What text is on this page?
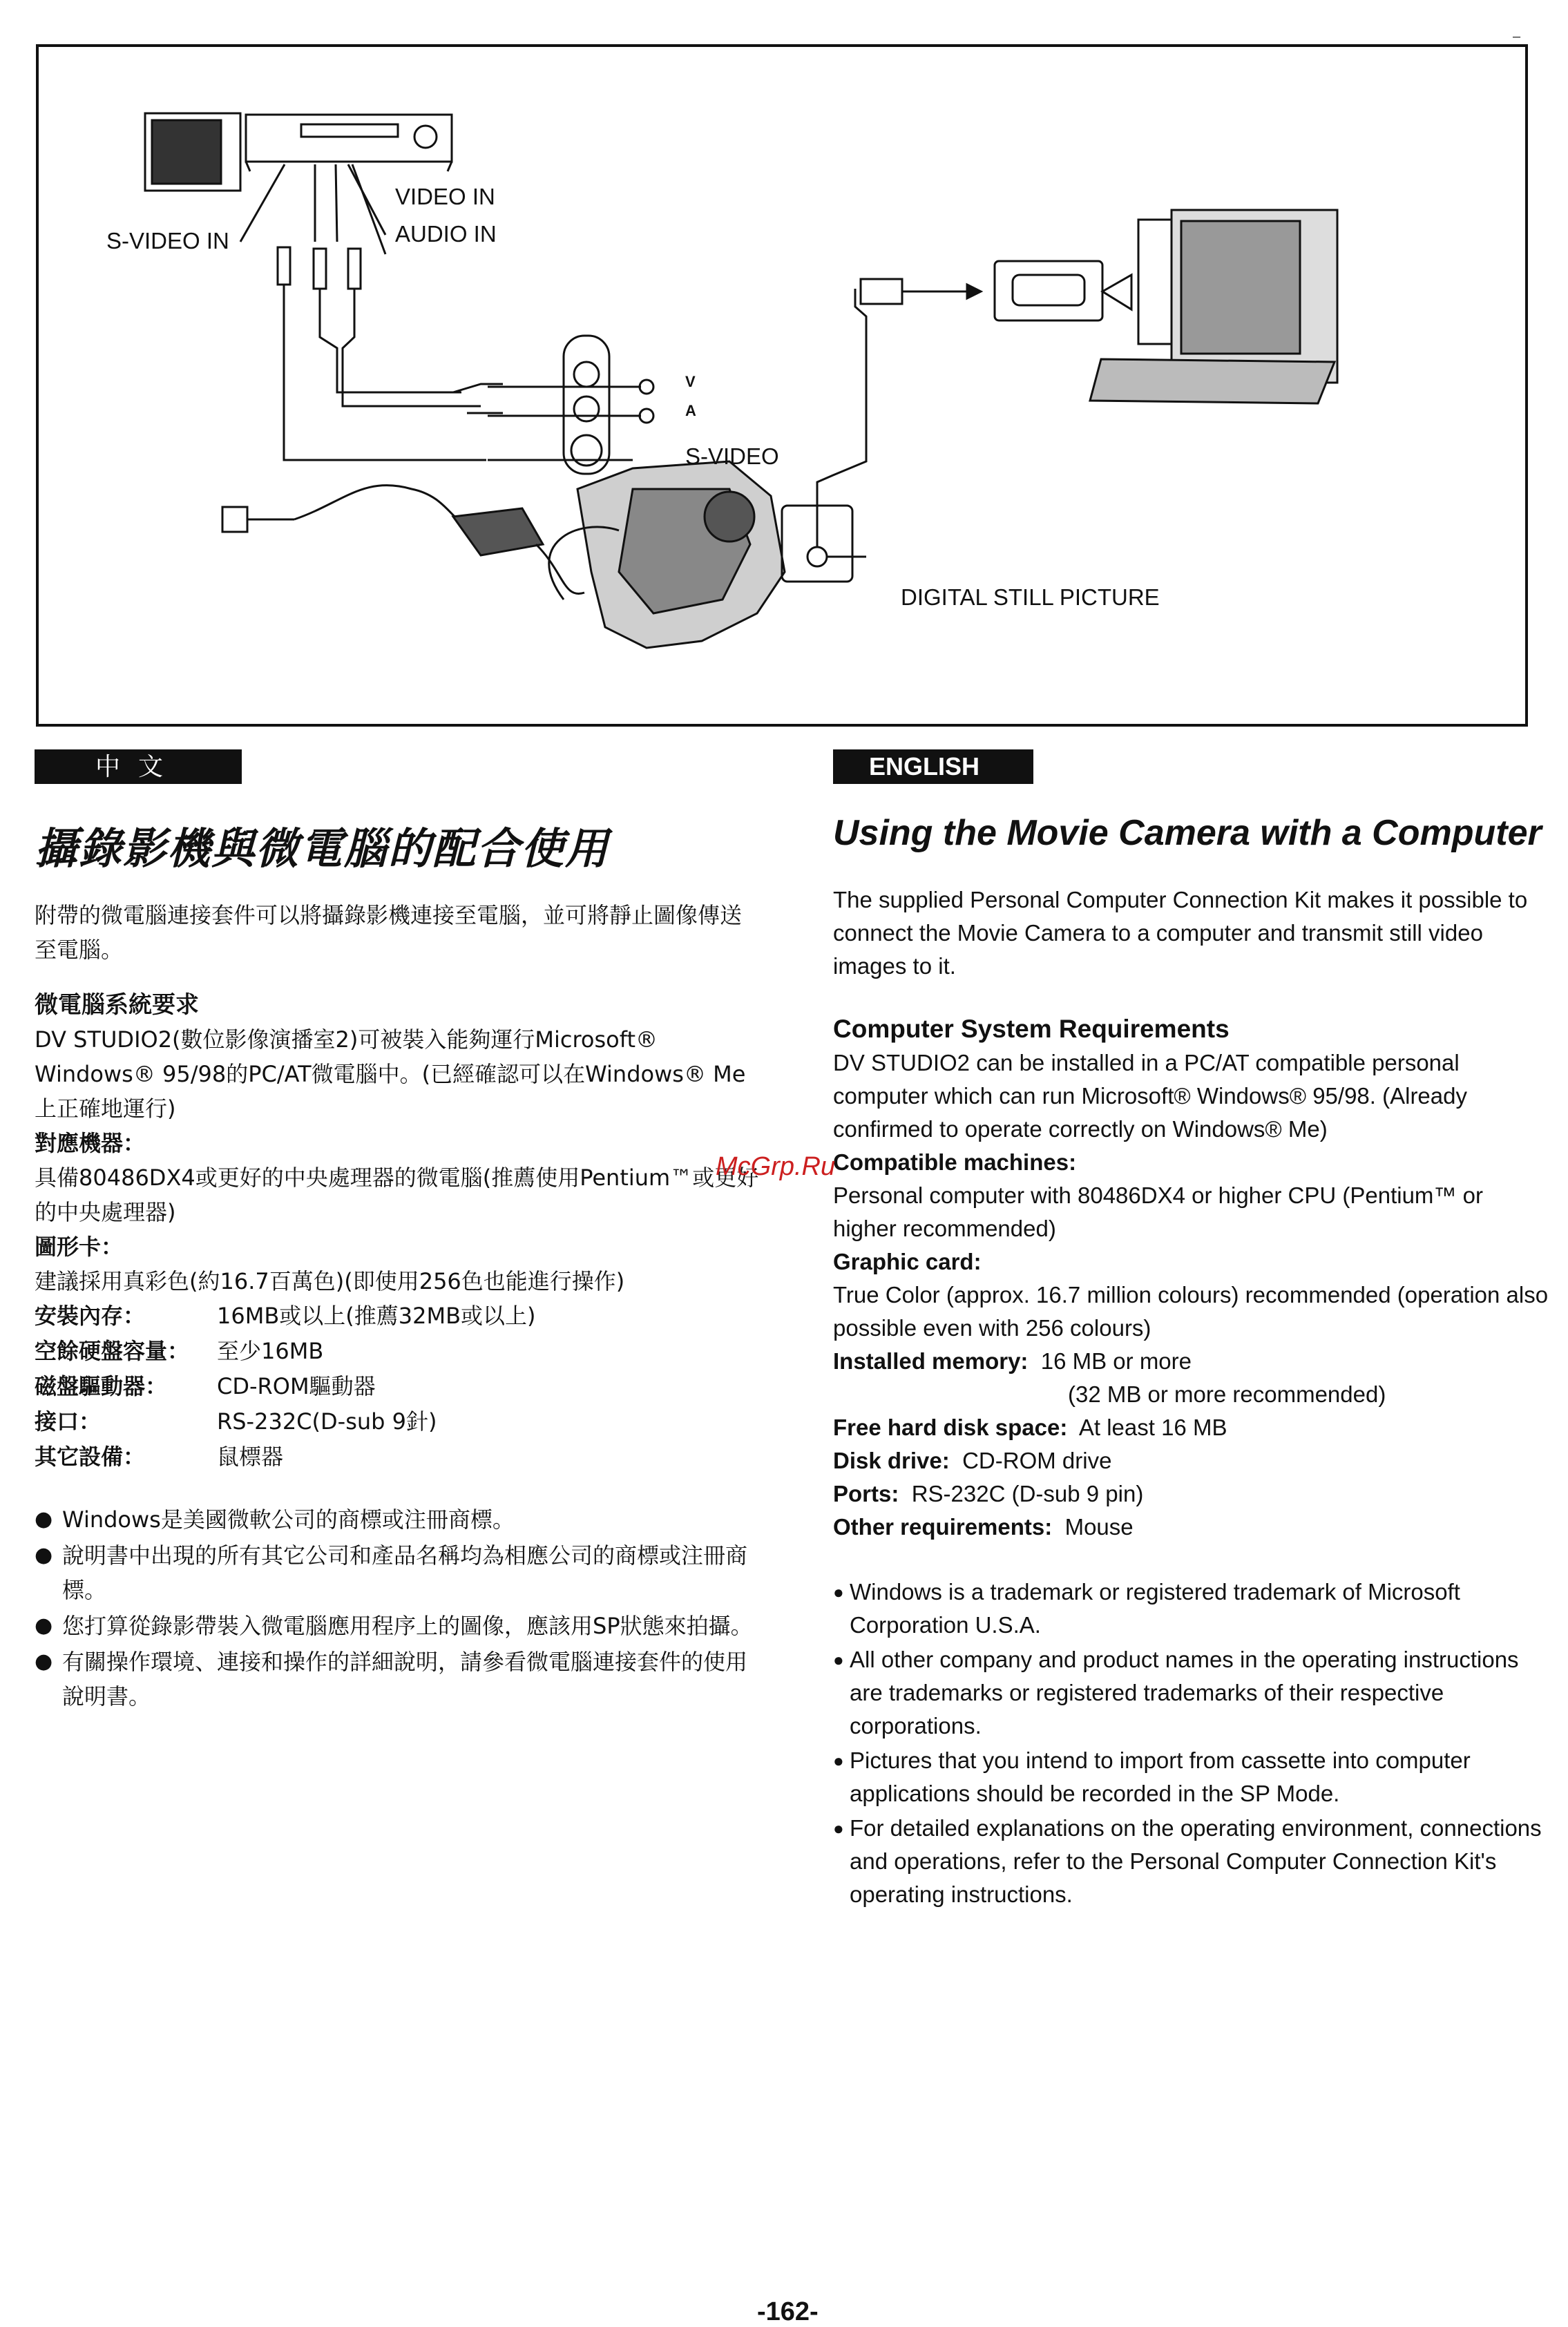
VIDEO IN
AUDIO IN
S-VIDEO IN
V
A
S-VIDEO
DIGITAL STILL PICTURE
–
中文
攝錄影機與微電腦的配合使用

附帶的微電腦連接套件可以將攝錄影機連接至電腦，並可將靜止圖像傳送至電腦。

微電腦系統要求

DV STUDIO2(數位影像演播室2)可被裝入能夠運行Microsoft® Windows® 95/98的PC/AT微電腦中。(已經確認可以在Windows® Me上正確地運行)

對應機器：

具備80486DX4或更好的中央處理器的微電腦(推薦使用Pentium™或更好的中央處理器)

圖形卡：

建議採用真彩色(約16.7百萬色)(即使用256色也能進行操作)

安裝內存：	16MB或以上(推薦32MB或以上)
空餘硬盤容量：	至少16MB
磁盤驅動器：	CD-ROM驅動器
接口：	RS-232C(D-sub 9針)
其它設備：	鼠標器
● Windows是美國微軟公司的商標或注冊商標。
● 說明書中出現的所有其它公司和產品名稱均為相應公司的商標或注冊商標。
● 您打算從錄影帶裝入微電腦應用程序上的圖像，應該用SP狀態來拍攝。
● 有關操作環境、連接和操作的詳細說明，請參看微電腦連接套件的使用說明書。
ENGLISH
Using the Movie Camera with a Computer

The supplied Personal Computer Connection Kit makes it possible to connect the Movie Camera to a computer and transmit still video images to it.

Computer System Requirements

DV STUDIO2 can be installed in a PC/AT compatible personal computer which can run Microsoft® Windows® 95/98. (Already confirmed to operate correctly on Windows® Me)

Compatible machines:

Personal computer with 80486DX4 or higher CPU (Pentium™ or higher recommended)

Graphic card:

True Color (approx. 16.7 million colours) recommended (operation also possible even with 256 colours)

Installed memory: 16 MB or more
(32 MB or more recommended)
Free hard disk space: At least 16 MB
Disk drive: CD-ROM drive
Ports: RS-232C (D-sub 9 pin)
Other requirements: Mouse
● Windows is a trademark or registered trademark of Microsoft Corporation U.S.A.
● All other company and product names in the operating instructions are trademarks or registered trademarks of their respective corporations.
● Pictures that you intend to import from cassette into computer applications should be recorded in the SP Mode.
● For detailed explanations on the operating environment, connections and operations, refer to the Personal Computer Connection Kit's operating instructions.
McGrp.Ru
-162-
